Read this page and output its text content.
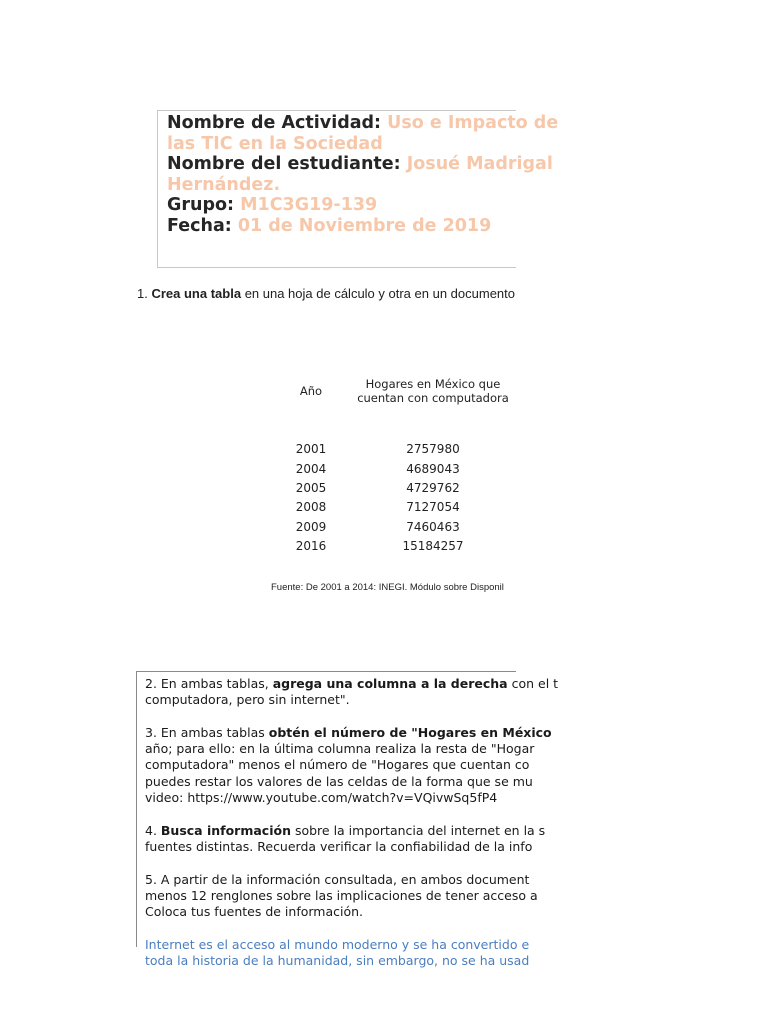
Nombre de Actividad: Uso e Impacto de
las TIC en la Sociedad
Nombre del estudiante: Josué Madrigal
Hernández.
Grupo: M1C3G19-139
Fecha: 01 de Noviembre de 2019
1. Crea una tabla en una hoja de cálculo y otra en un documento
Año	Hogares en México que
cuentan con computadora
2001	2757980
2004	4689043
2005	4729762
2008	7127054
2009	7460463
2016	15184257
Fuente: De 2001 a 2014: INEGI. Módulo sobre Disponil
2. En ambas tablas, agrega una columna a la derecha con el t
computadora, pero sin internet".
3. En ambas tablas obtén el número de "Hogares en México
año; para ello: en la última columna realiza la resta de "Hogar
computadora" menos el número de "Hogares que cuentan co
puedes restar los valores de las celdas de la forma que se mu
video: https://www.youtube.com/watch?v=VQivwSq5fP4
4. Busca información sobre la importancia del internet en la s
fuentes distintas. Recuerda verificar la confiabilidad de la info
5. A partir de la información consultada, en ambos document
menos 12 renglones sobre las implicaciones de tener acceso a
Coloca tus fuentes de información.
Internet es el acceso al mundo moderno y se ha convertido e
toda la historia de la humanidad, sin embargo, no se ha usad
